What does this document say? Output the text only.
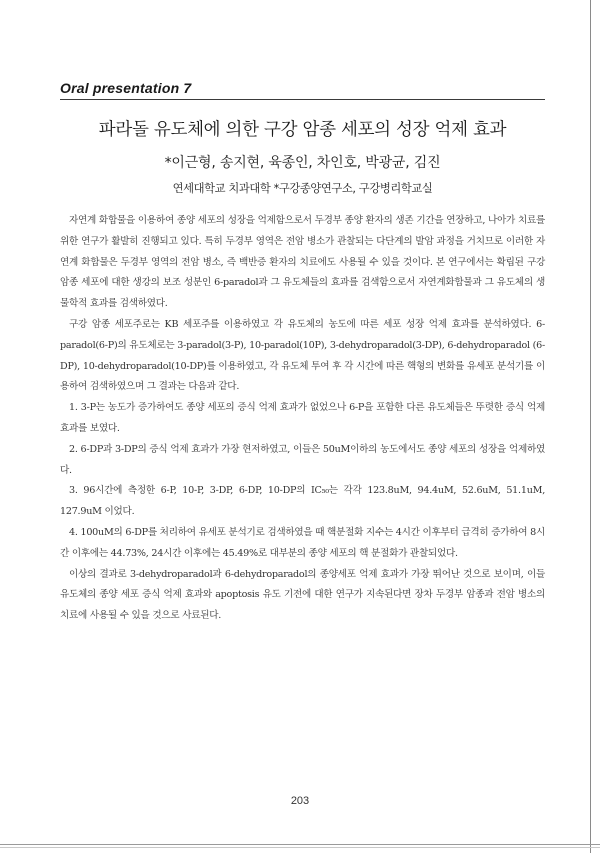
Oral presentation 7
파라돌 유도체에 의한 구강 암종 세포의 성장 억제 효과
*이근형, 송지현, 육종인, 차인호, 박광균, 김진
연세대학교 치과대학 *구강종양연구소, 구강병리학교실

자연계 화합물을 이용하여 종양 세포의 성장을 억제함으로서 두경부 종양 환자의 생존 기간을 연장하고, 나아가 치료를 위한 연구가 활발히 진행되고 있다. 특히 두경부 영역은 전암 병소가 관찰되는 다단계의 발암 과정을 거치므로 이러한 자연계 화합물은 두경부 영역의 전암 병소, 즉 백반증 환자의 치료에도 사용될 수 있을 것이다. 본 연구에서는 확립된 구강 암종 세포에 대한 생강의 보조 성분인 6-paradol과 그 유도체들의 효과를 검색함으로서 자연계화합물과 그 유도체의 생물학적 효과를 검색하였다.

구강 암종 세포주로는 KB 세포주를 이용하였고 각 유도체의 농도에 따른 세포 성장 억제 효과를 분석하였다. 6-paradol(6-P)의 유도체로는 3-paradol(3-P), 10-paradol(10P), 3-dehydroparadol(3-DP), 6-dehydroparadol (6-DP), 10-dehydroparadol(10-DP)를 이용하였고, 각 유도체 투여 후 각 시간에 따른 핵형의 변화를 유세포 분석기를 이용하여 검색하였으며 그 결과는 다음과 같다.

1. 3-P는 농도가 증가하여도 종양 세포의 증식 억제 효과가 없었으나 6-P을 포함한 다른 유도체들은 뚜렷한 증식 억제 효과를 보였다.

2. 6-DP과 3-DP의 증식 억제 효과가 가장 현저하였고, 이들은 50uM이하의 농도에서도 종양 세포의 성장을 억제하였다.

3. 96시간에 측정한 6-P, 10-P, 3-DP, 6-DP, 10-DP의 IC₅₀는 각각 123.8uM, 94.4uM, 52.6uM, 51.1uM, 127.9uM 이었다.

4. 100uM의 6-DP를 처리하여 유세포 분석기로 검색하였을 때 핵분절화 지수는 4시간 이후부터 급격히 증가하여 8시간 이후에는 44.73%, 24시간 이후에는 45.49%로 대부분의 종양 세포의 핵 분절화가 관찰되었다.

이상의 결과로 3-dehydroparadol과 6-dehydroparadol의 종양세포 억제 효과가 가장 뛰어난 것으로 보이며, 이들 유도체의 종양 세포 증식 억제 효과와 apoptosis 유도 기전에 대한 연구가 지속된다면 장차 두경부 암종과 전암 병소의 치료에 사용될 수 있을 것으로 사료된다.

203
